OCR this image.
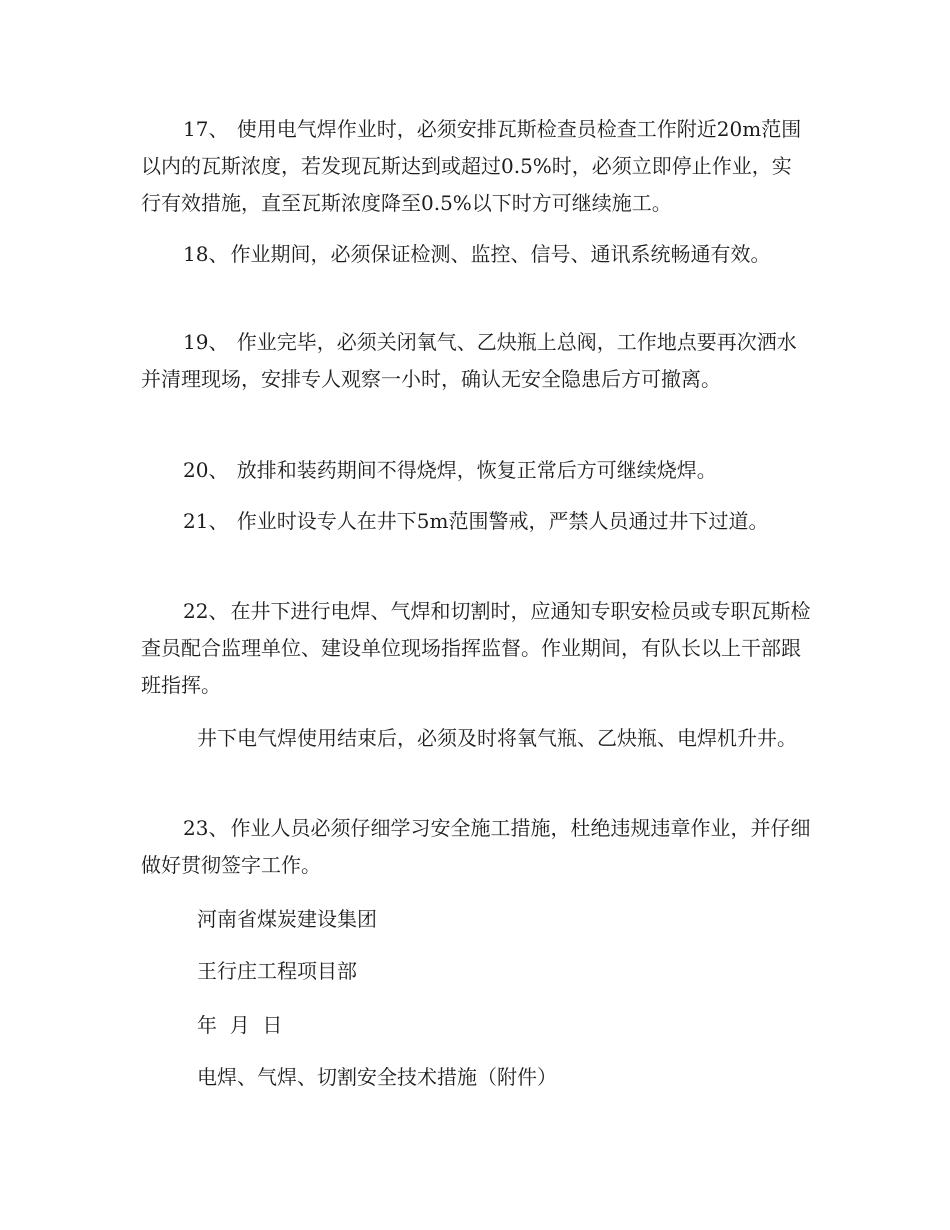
17、 使用电气焊作业时，必须安排瓦斯检查员检查工作附近20m范围以内的瓦斯浓度，若发现瓦斯达到或超过0.5%时，必须立即停止作业，实行有效措施，直至瓦斯浓度降至0.5%以下时方可继续施工。

18、 作业期间，必须保证检测、监控、信号、通讯系统畅通有效。

19、 作业完毕，必须关闭氧气、乙炔瓶上总阀，工作地点要再次洒水并清理现场，安排专人观察一小时，确认无安全隐患后方可撤离。

20、 放排和装药期间不得烧焊，恢复正常后方可继续烧焊。

21、 作业时设专人在井下5m范围警戒，严禁人员通过井下过道。

22、 在井下进行电焊、气焊和切割时，应通知专职安检员或专职瓦斯检查员配合监理单位、建设单位现场指挥监督。作业期间，有队长以上干部跟班指挥。

井下电气焊使用结束后，必须及时将氧气瓶、乙炔瓶、电焊机升井。

23、 作业人员必须仔细学习安全施工措施，杜绝违规违章作业，并仔细做好贯彻签字工作。

河南省煤炭建设集团

王行庄工程项目部

年  月  日

电焊、气焊、切割安全技术措施（附件）
